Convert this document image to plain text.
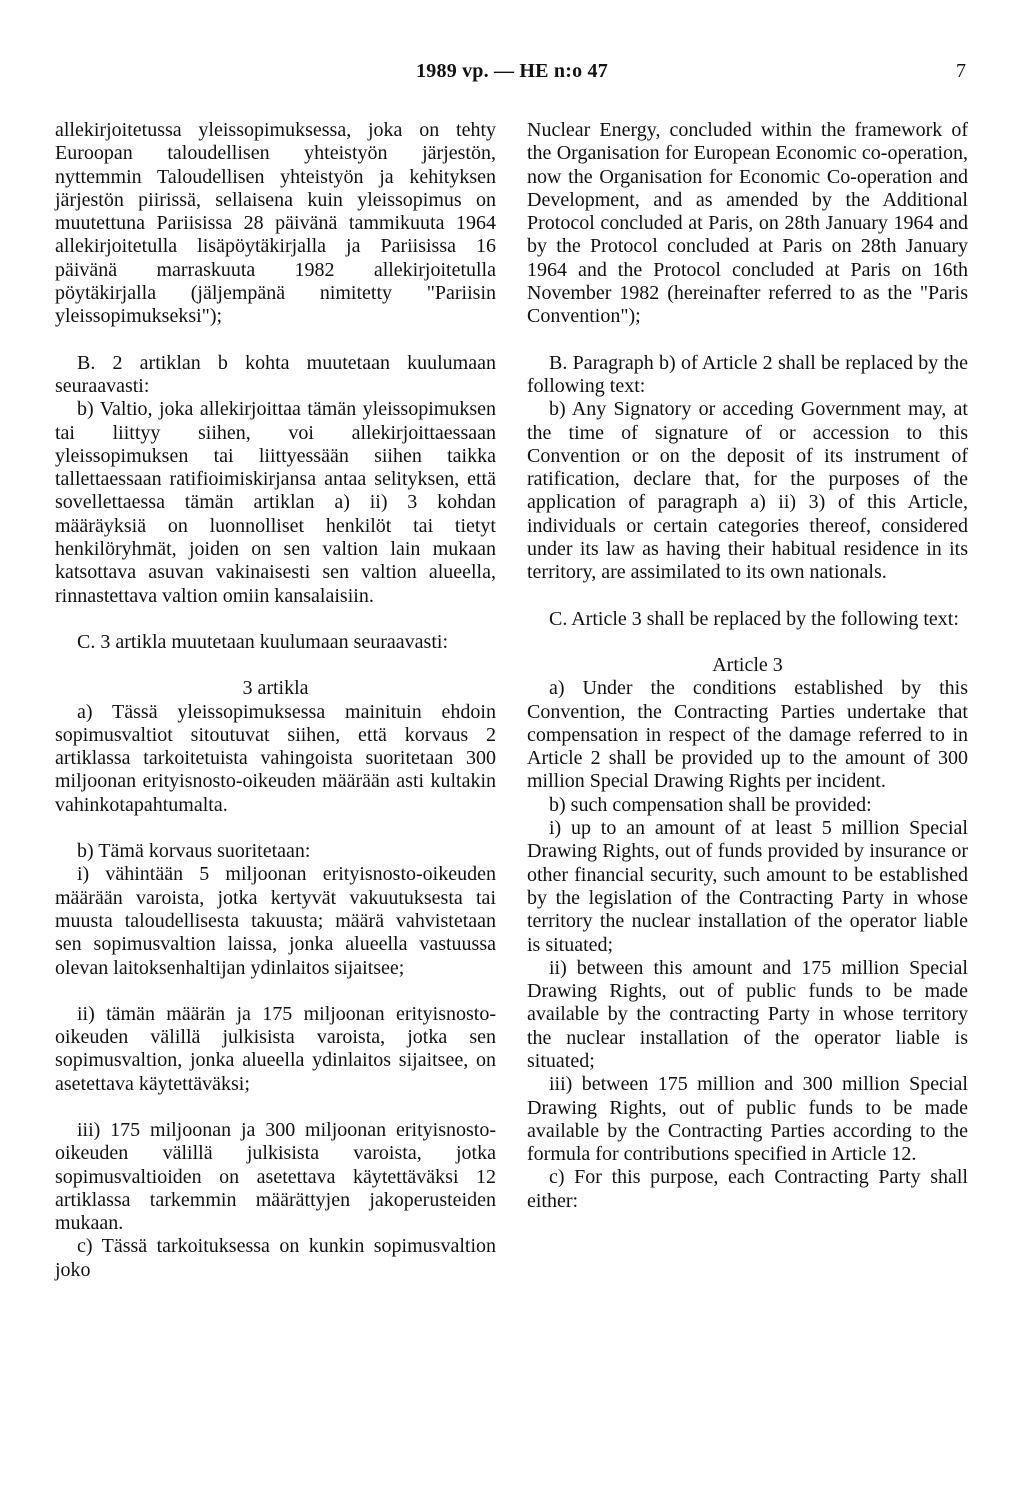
1989 vp. — HE n:o 47	7

allekirjoitetussa yleissopimuksessa, joka on tehty Euroopan taloudellisen yhteistyön järjestön, nyttemmin Taloudellisen yhteistyön ja kehityksen järjestön piirissä, sellaisena kuin yleissopimus on muutettuna Pariisissa 28 päivänä tammikuuta 1964 allekirjoitetulla lisäpöytäkirjalla ja Pariisissa 16 päivänä marraskuuta 1982 allekirjoitetulla pöytäkirjalla (jäljempänä nimitetty "Pariisin yleissopimukseksi");

B. 2 artiklan b kohta muutetaan kuulumaan seuraavasti:

b) Valtio, joka allekirjoittaa tämän yleissopimuksen tai liittyy siihen, voi allekirjoittaessaan yleissopimuksen tai liittyessään siihen taikka tallettaessaan ratifioimiskirjansa antaa selityksen, että sovellettaessa tämän artiklan a) ii) 3 kohdan määräyksiä on luonnolliset henkilöt tai tietyt henkilöryhmät, joiden on sen valtion lain mukaan katsottava asuvan vakinaisesti sen valtion alueella, rinnastettava valtion omiin kansalaisiin.

C. 3 artikla muutetaan kuulumaan seuraavasti:

3 artikla

a) Tässä yleissopimuksessa mainituin ehdoin sopimusvaltiot sitoutuvat siihen, että korvaus 2 artiklassa tarkoitetuista vahingoista suoritetaan 300 miljoonan erityisnosto-oikeuden määrään asti kultakin vahinkotapahtumalta.

b) Tämä korvaus suoritetaan:

i) vähintään 5 miljoonan erityisnosto-oikeuden määrään varoista, jotka kertyvät vakuutuksesta tai muusta taloudellisesta takuusta; määrä vahvistetaan sen sopimusvaltion laissa, jonka alueella vastuussa olevan laitoksenhaltijan ydinlaitos sijaitsee;

ii) tämän määrän ja 175 miljoonan erityisnosto-oikeuden välillä julkisista varoista, jotka sen sopimusvaltion, jonka alueella ydinlaitos sijaitsee, on asetettava käytettäväksi;

iii) 175 miljoonan ja 300 miljoonan erityisnosto-oikeuden välillä julkisista varoista, jotka sopimusvaltioiden on asetettava käytettäväksi 12 artiklassa tarkemmin määrättyjen jakoperusteiden mukaan.

c) Tässä tarkoituksessa on kunkin sopimusvaltion joko

Nuclear Energy, concluded within the framework of the Organisation for European Economic co-operation, now the Organisation for Economic Co-operation and Development, and as amended by the Additional Protocol concluded at Paris, on 28th January 1964 and by the Protocol concluded at Paris on 28th January 1964 and the Protocol concluded at Paris on 16th November 1982 (hereinafter referred to as the "Paris Convention");

B. Paragraph b) of Article 2 shall be replaced by the following text:

b) Any Signatory or acceding Government may, at the time of signature of or accession to this Convention or on the deposit of its instrument of ratification, declare that, for the purposes of the application of paragraph a) ii) 3) of this Article, individuals or certain categories thereof, considered under its law as having their habitual residence in its territory, are assimilated to its own nationals.

C. Article 3 shall be replaced by the following text:

Article 3

a) Under the conditions established by this Convention, the Contracting Parties undertake that compensation in respect of the damage referred to in Article 2 shall be provided up to the amount of 300 million Special Drawing Rights per incident.

b) such compensation shall be provided:

i) up to an amount of at least 5 million Special Drawing Rights, out of funds provided by insurance or other financial security, such amount to be established by the legislation of the Contracting Party in whose territory the nuclear installation of the operator liable is situated;

ii) between this amount and 175 million Special Drawing Rights, out of public funds to be made available by the contracting Party in whose territory the nuclear installation of the operator liable is situated;

iii) between 175 million and 300 million Special Drawing Rights, out of public funds to be made available by the Contracting Parties according to the formula for contributions specified in Article 12.

c) For this purpose, each Contracting Party shall either:
